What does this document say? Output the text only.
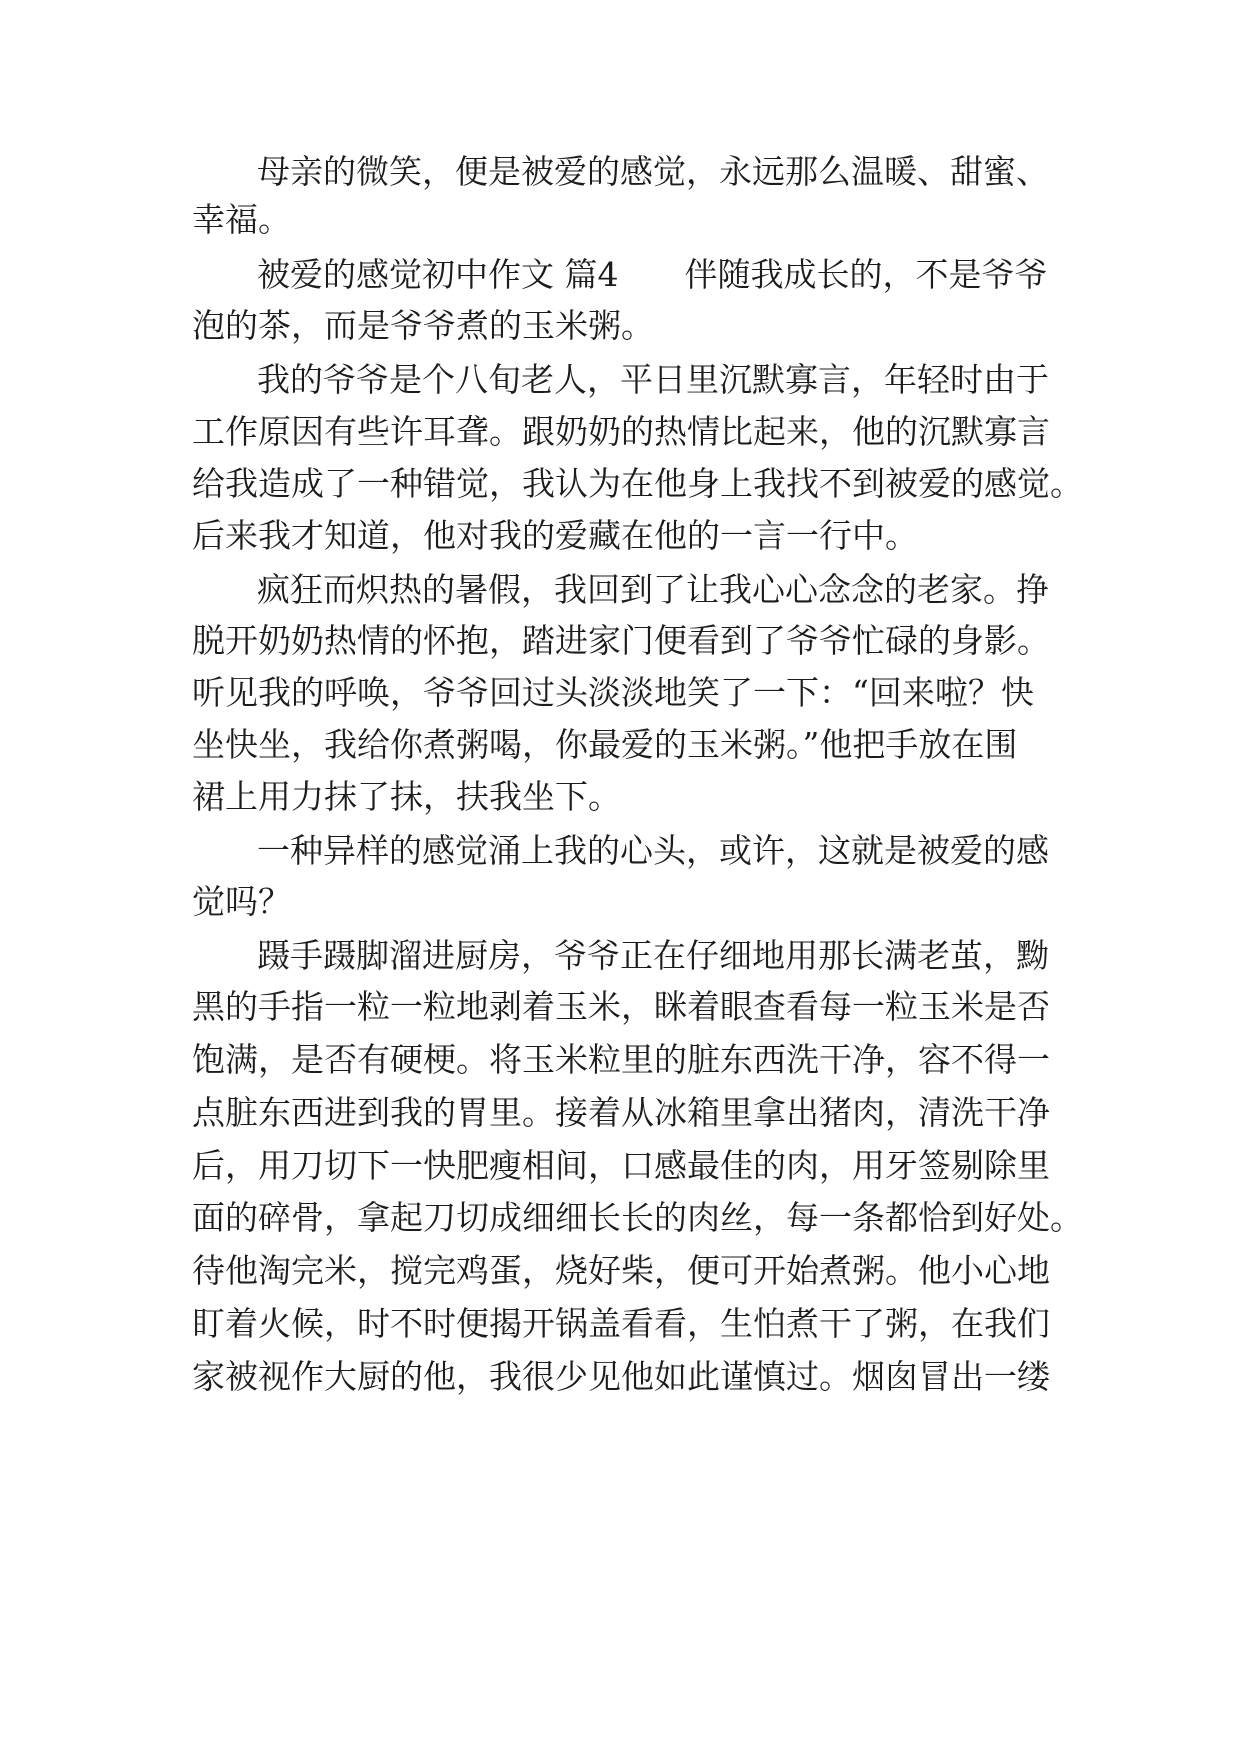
母亲的微笑，便是被爱的感觉，永远那么温暖、甜蜜、

幸福。

被爱的感觉初中作文 篇4　　伴随我成长的，不是爷爷

泡的茶，而是爷爷煮的玉米粥。

我的爷爷是个八旬老人，平日里沉默寡言，年轻时由于

工作原因有些许耳聋。跟奶奶的热情比起来，他的沉默寡言

给我造成了一种错觉，我认为在他身上我找不到被爱的感觉。

后来我才知道，他对我的爱藏在他的一言一行中。

疯狂而炽热的暑假，我回到了让我心心念念的老家。挣

脱开奶奶热情的怀抱，踏进家门便看到了爷爷忙碌的身影。

听见我的呼唤，爷爷回过头淡淡地笑了一下：“回来啦？快

坐快坐，我给你煮粥喝，你最爱的玉米粥。”他把手放在围

裙上用力抹了抹，扶我坐下。

一种异样的感觉涌上我的心头，或许，这就是被爱的感

觉吗？

蹑手蹑脚溜进厨房，爷爷正在仔细地用那长满老茧，黝

黑的手指一粒一粒地剥着玉米，眯着眼查看每一粒玉米是否

饱满，是否有硬梗。将玉米粒里的脏东西洗干净，容不得一

点脏东西进到我的胃里。接着从冰箱里拿出猪肉，清洗干净

后，用刀切下一快肥瘦相间，口感最佳的肉，用牙签剔除里

面的碎骨，拿起刀切成细细长长的肉丝，每一条都恰到好处。

待他淘完米，搅完鸡蛋，烧好柴，便可开始煮粥。他小心地

盯着火候，时不时便揭开锅盖看看，生怕煮干了粥，在我们

家被视作大厨的他，我很少见他如此谨慎过。烟囱冒出一缕
